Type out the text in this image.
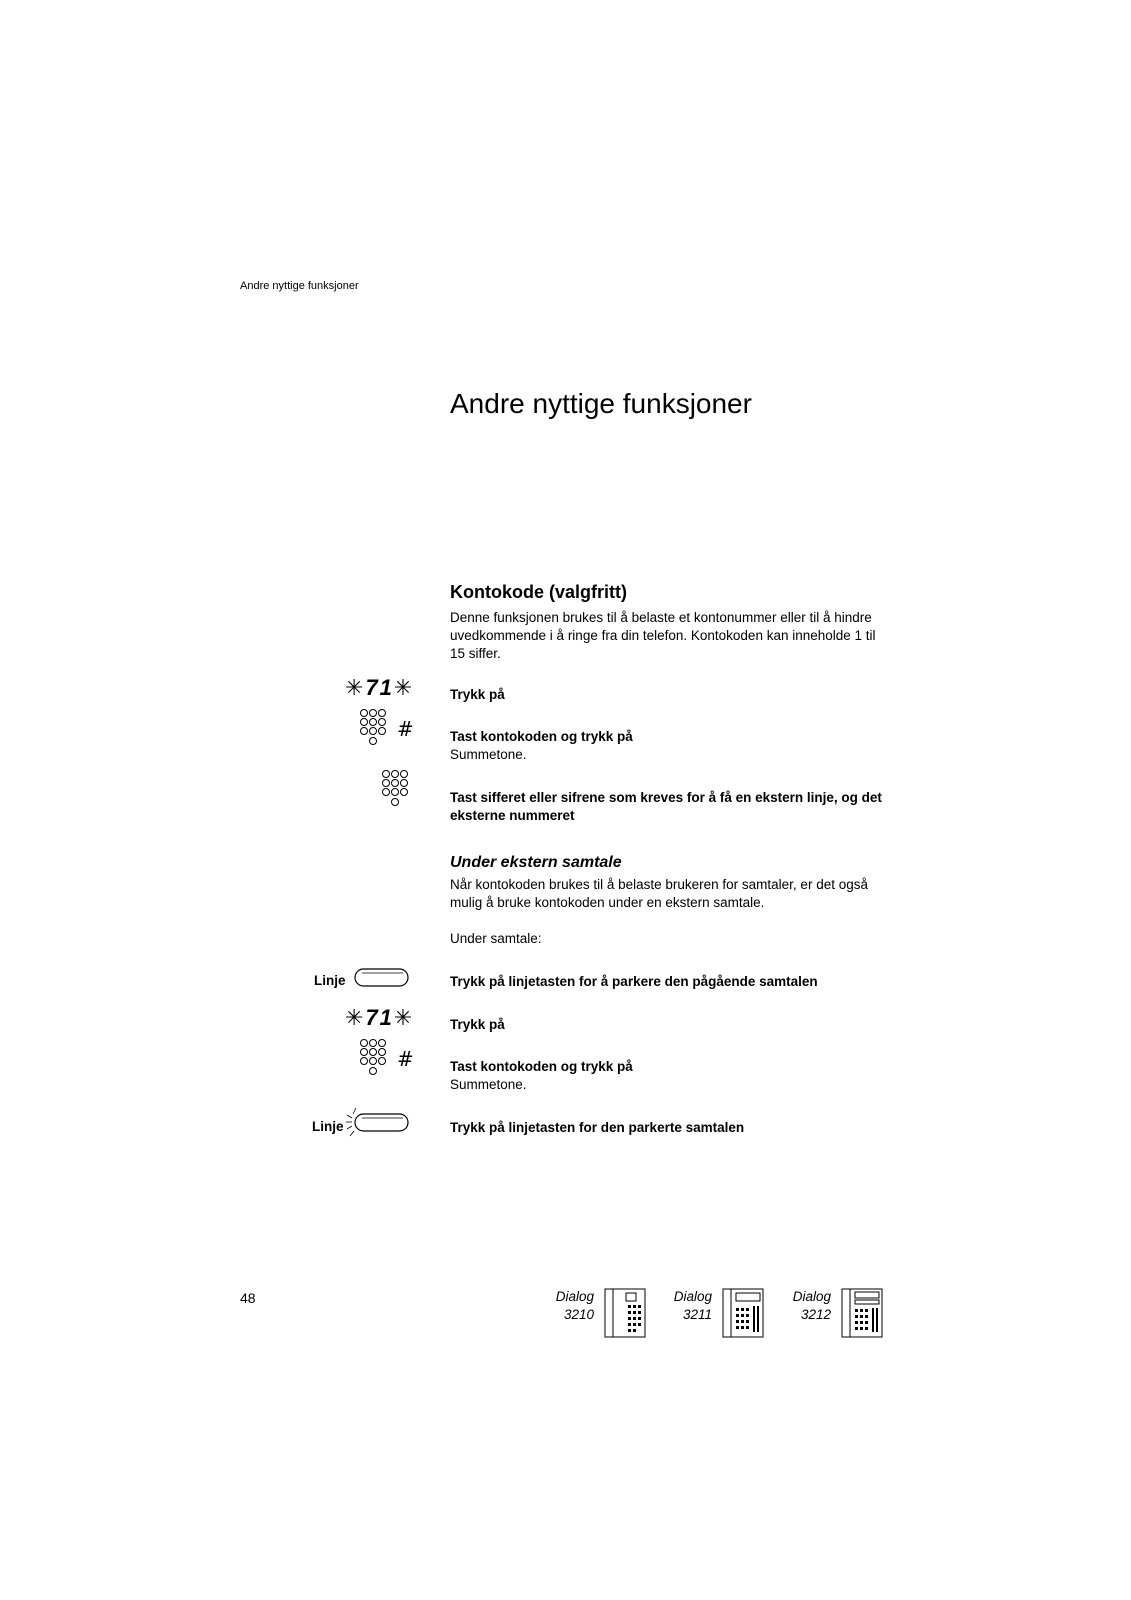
Andre nyttige funksjoner
Andre nyttige funksjoner
Kontokode (valgfritt)
Denne funksjonen brukes til å belaste et kontonummer eller til å hindre uvedkommende i å ringe fra din telefon. Kontokoden kan inneholde 1 til 15 siffer.
✳71✳	Trykk på
#	Tast kontokoden og trykk på
Summetone.
Tast sifferet eller sifrene som kreves for å få en ekstern linje, og det eksterne nummeret
Under ekstern samtale
Når kontokoden brukes til å belaste brukeren for samtaler, er det også mulig å bruke kontokoden under en ekstern samtale.
Under samtale:
Linje	Trykk på linjetasten for å parkere den pågående samtalen
✳71✳	Trykk på
#	Tast kontokoden og trykk på
Summetone.
Linje	Trykk på linjetasten for den parkerte samtalen
48	Dialog
3210
Dialog
3211
Dialog
3212
